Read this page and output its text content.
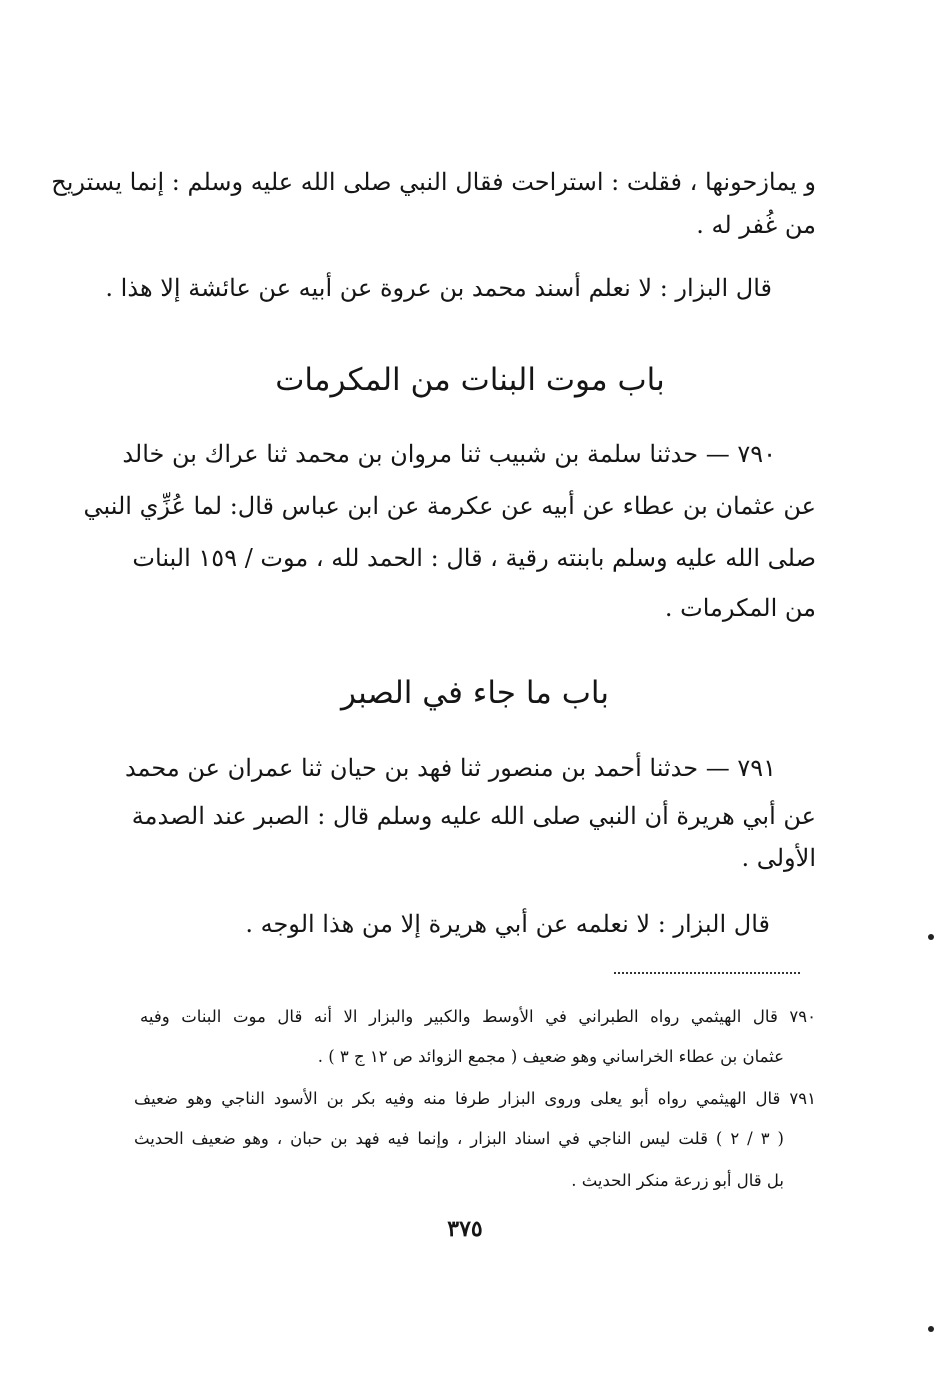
و يمازحونها ، فقلت : استراحت فقال النبي صلى الله عليه وسلم : إنما يستريح
من غُفر له .
قال البزار : لا نعلم أسند محمد بن عروة عن أبيه عن عائشة إلا هذا .
باب موت البنات من المكرمات
٧٩٠ — حدثنا سلمة بن شبيب ثنا مروان بن محمد ثنا عراك بن خالد
عن عثمان بن عطاء عن أبيه عن عكرمة عن ابن عباس قال: لما عُزِّي النبي
صلى الله عليه وسلم بابنته رقية ، قال : الحمد لله ، موت / ١٥٩ البنات
من المكرمات .
باب ما جاء في الصبر
٧٩١ — حدثنا أحمد بن منصور ثنا فهد بن حيان ثنا عمران عن محمد
عن أبي هريرة أن النبي صلى الله عليه وسلم قال : الصبر عند الصدمة
الأولى .
قال البزار : لا نعلمه عن أبي هريرة إلا من هذا الوجه .
٧٩٠ قال الهيثمي رواه الطبراني في الأوسط والكبير والبزار الا أنه قال موت البنات وفيه
عثمان بن عطاء الخراساني وهو ضعيف ( مجمع الزوائد ص ١٢ ج ٣ ) .
٧٩١ قال الهيثمي رواه أبو يعلى وروى البزار طرفا منه وفيه بكر بن الأسود الناجي وهو ضعيف
( ٣ / ٢ ) قلت ليس الناجي في اسناد البزار ، وإنما فيه فهد بن حبان ، وهو ضعيف الحديث
بل قال أبو زرعة منكر الحديث .
٣٧٥
